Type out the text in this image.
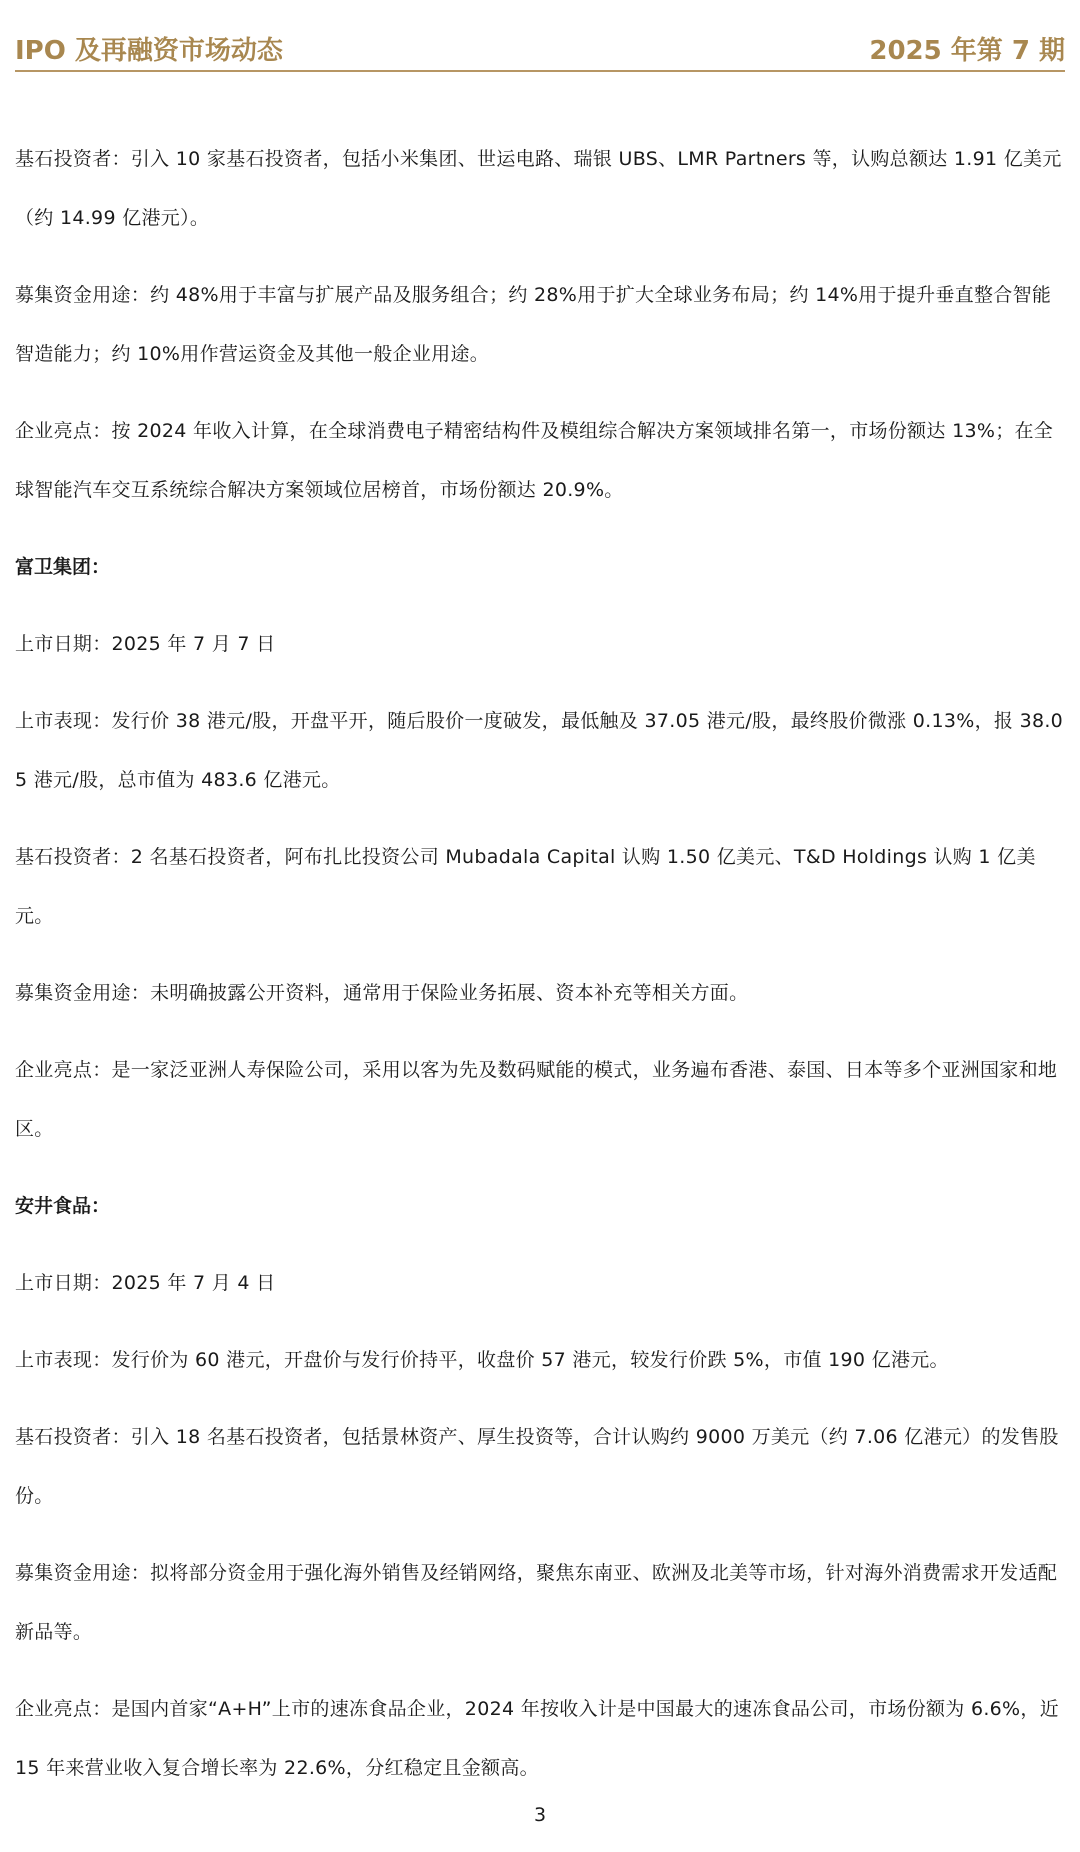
IPO 及再融资市场动态	2025 年第 7 期

基石投资者：引入 10 家基石投资者，包括小米集团、世运电路、瑞银 UBS、LMR Partners 等，认购总额达 1.91 亿美元（约 14.99 亿港元）。

募集资金用途：约 48%用于丰富与扩展产品及服务组合；约 28%用于扩大全球业务布局；约 14%用于提升垂直整合智能智造能力；约 10%用作营运资金及其他一般企业用途。

企业亮点：按 2024 年收入计算，在全球消费电子精密结构件及模组综合解决方案领域排名第一，市场份额达 13%；在全球智能汽车交互系统综合解决方案领域位居榜首，市场份额达 20.9%。

富卫集团：

上市日期：2025 年 7 月 7 日

上市表现：发行价 38 港元/股，开盘平开，随后股价一度破发，最低触及 37.05 港元/股，最终股价微涨 0.13%，报 38.05 港元/股，总市值为 483.6 亿港元。

基石投资者：2 名基石投资者，阿布扎比投资公司 Mubadala Capital 认购 1.50 亿美元、T&D Holdings 认购 1 亿美元。

募集资金用途：未明确披露公开资料，通常用于保险业务拓展、资本补充等相关方面。

企业亮点：是一家泛亚洲人寿保险公司，采用以客为先及数码赋能的模式，业务遍布香港、泰国、日本等多个亚洲国家和地区。

安井食品：

上市日期：2025 年 7 月 4 日

上市表现：发行价为 60 港元，开盘价与发行价持平，收盘价 57 港元，较发行价跌 5%，市值 190 亿港元。

基石投资者：引入 18 名基石投资者，包括景林资产、厚生投资等，合计认购约 9000 万美元（约 7.06 亿港元）的发售股份。

募集资金用途：拟将部分资金用于强化海外销售及经销网络，聚焦东南亚、欧洲及北美等市场，针对海外消费需求开发适配新品等。

企业亮点：是国内首家“A+H”上市的速冻食品企业，2024 年按收入计是中国最大的速冻食品公司，市场份额为 6.6%，近 15 年来营业收入复合增长率为 22.6%，分红稳定且金额高。

3
